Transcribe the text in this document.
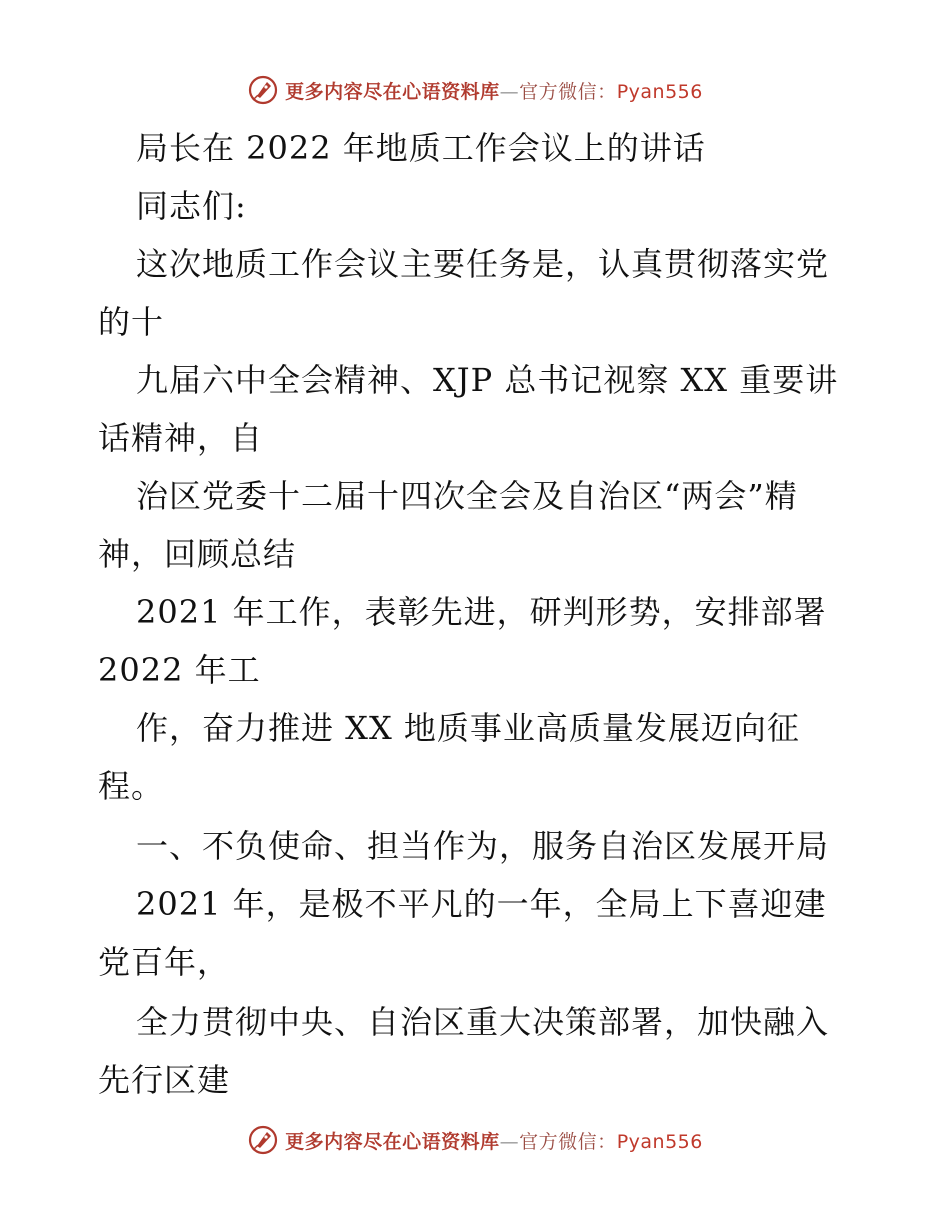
更多内容尽在心语资料库—官方微信：Pyan556
局长在 2022 年地质工作会议上的讲话
同志们:
这次地质工作会议主要任务是，认真贯彻落实党
的十
九届六中全会精神、XJP 总书记视察 XX 重要讲
话精神，自
治区党委十二届十四次全会及自治区“两会”精
神，回顾总结
2021 年工作，表彰先进，研判形势，安排部署
2022 年工
作，奋力推进 XX 地质事业高质量发展迈向征
程。
一、不负使命、担当作为，服务自治区发展开局
2021 年，是极不平凡的一年，全局上下喜迎建
党百年，
全力贯彻中央、自治区重大决策部署，加快融入
先行区建
更多内容尽在心语资料库—官方微信：Pyan556
